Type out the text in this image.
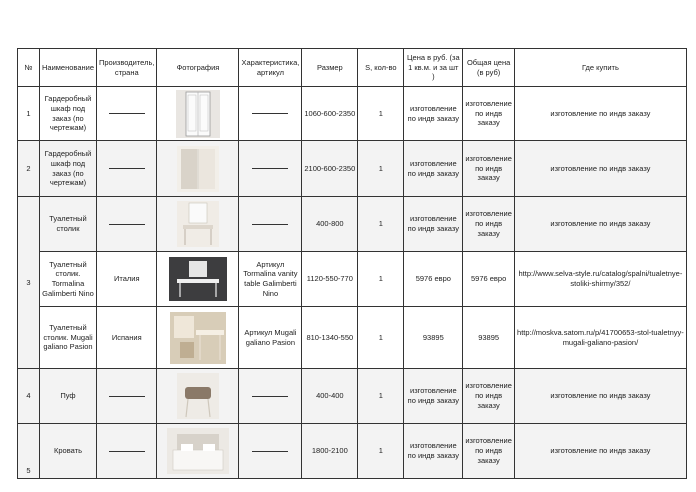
№	Наименование	Производитель, страна	Фотография	Характеристика, артикул	Размер	S, кол-во	Цена в руб. (за 1 кв.м. и за шт )	Общая цена (в руб)	Где купить
1	Гардеробный шкаф под заказ (по чертежам)				1060-600-2350	1	изготовление по индв заказу	изготовление по индв заказу	изготовление по индв заказу
2	Гардеробный шкаф под заказ (по чертежам)				2100-600-2350	1	изготовление по индв заказу	изготовление по индв заказу	изготовление по индв заказу
3	Туалетный столик				400-800	1	изготовление по индв заказу	изготовление по индв заказу	изготовление по индв заказу
	Туалетный столик. Tormalina Galimberti Nino	Италия		Артикул Tormalina vanity table Galimberti Nino	1120-550-770	1	5976 евро	5976 евро	http://www.selva-style.ru/catalog/spalni/tualetnye-stoliki-shirmy/352/
	Туалетный столик. Mugali galiano Pasion	Испания		Артикул Mugali galiano Pasion	810-1340-550	1	93895	93895	http://moskva.satom.ru/p/41700653-stol-tualetnyy-mugali-galiano-pasion/
4	Пуф				400-400	1	изготовление по индв заказу	изготовление по индв заказу	изготовление по индв заказу

5	Кровать				1800-2100	1	изготовление по индв заказу	изготовление по индв заказу	изготовление по индв заказу
